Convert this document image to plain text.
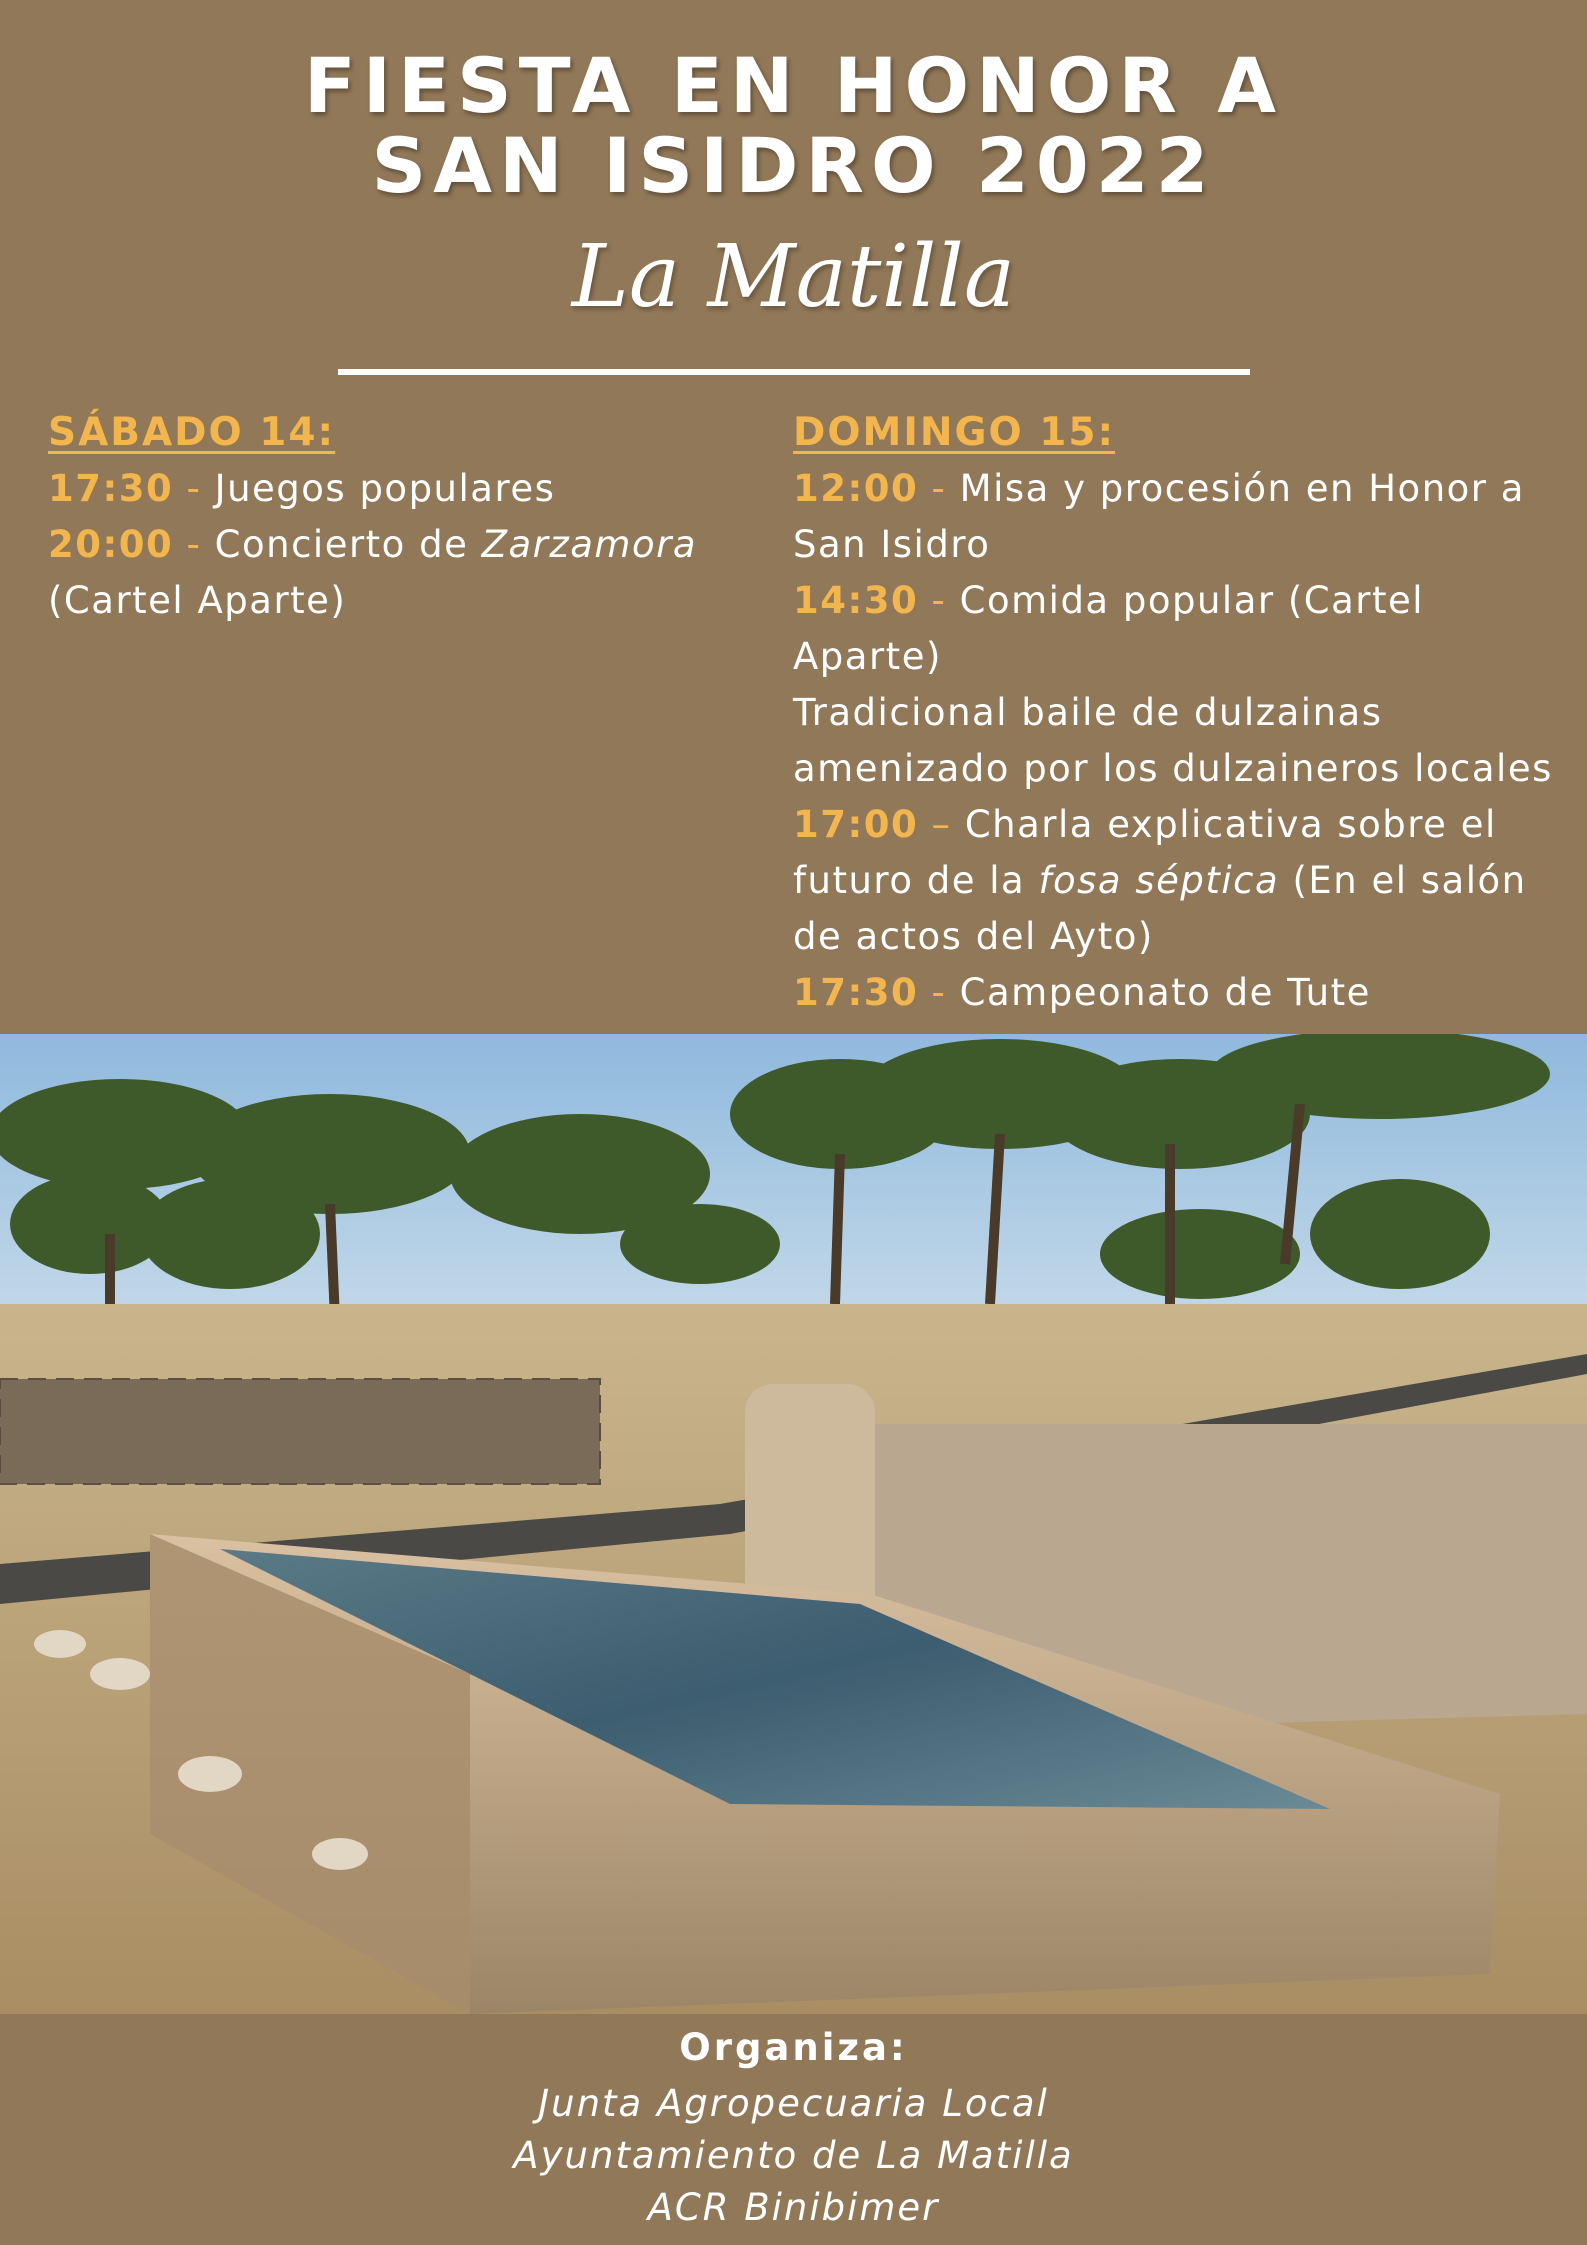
FIESTA EN HONOR A
SAN ISIDRO 2022
La Matilla

SÁBADO 14:

17:30 - Juegos populares

20:00 - Concierto de Zarzamora (Cartel Aparte)

DOMINGO 15:

12:00 - Misa y procesión en Honor a San Isidro

14:30 - Comida popular (Cartel Aparte)

Tradicional baile de dulzainas amenizado por los dulzaineros locales

17:00 – Charla explicativa sobre el futuro de la fosa séptica (En el salón de actos del Ayto)

17:30 - Campeonato de Tute

Organiza:

Junta Agropecuaria Local

Ayuntamiento de La Matilla

ACR Binibimer
